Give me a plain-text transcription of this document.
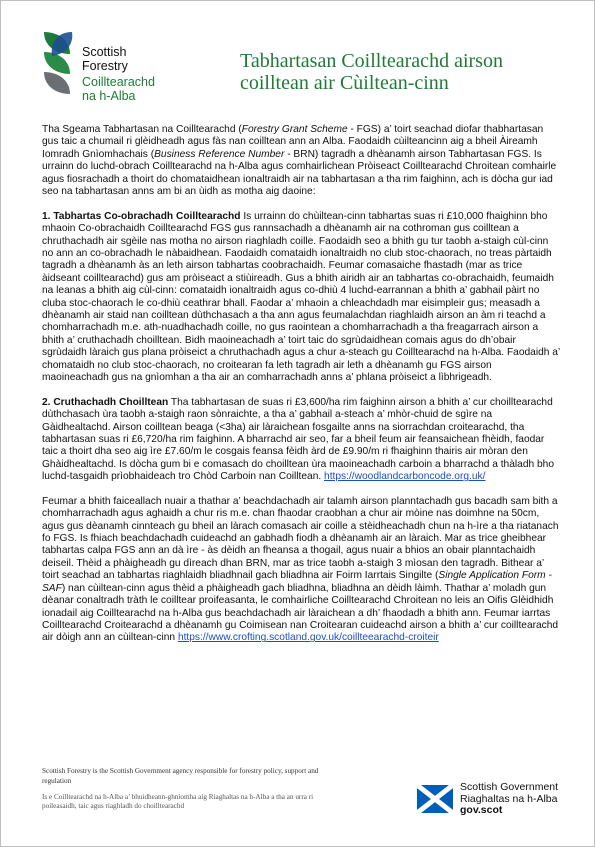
Scottish Forestry
Coilltearachd na h-Alba
Tabhartasan Coilltearachd airson coilltean air Cùiltean-cinn

Tha Sgeama Tabhartasan na Coilltearachd (Forestry Grant Scheme - FGS) a’ toirt seachad diofar thabhartasan gus taic a chumail ri glèidheadh agus fàs nan coilltean ann an Alba. Faodaidh cùilteancinn aig a bheil Àireamh Iomradh Gnìomhachais (Business Reference Number - BRN) tagradh a dhèanamh airson Tabhartasan FGS. Is urrainn do luchd-obrach Coilltearachd na h-Alba agus comhairlichean Pròiseact Coilltearachd Chroitean comhairle agus fiosrachadh a thoirt do chomataidhean ionaltraidh air na tabhartasan a tha rim faighinn, ach is dòcha gur iad seo na tabhartasan anns am bi an ùidh as motha aig daoine:

1. Tabhartas Co-obrachadh Coilltearachd Is urrainn do chùiltean-cinn tabhartas suas ri £10,000 fhaighinn bho mhaoin Co-obrachaidh Coilltearachd FGS gus rannsachadh a dhèanamh air na cothroman gus coilltean a chruthachadh air sgèile nas motha no airson riaghladh coille. Faodaidh seo a bhith gu tur taobh a-staigh cùl-cinn no ann an co-obrachadh le nàbaidhean. Faodaidh comataidh ionaltraidh no club stoc-chaorach, no treas pàrtaidh tagradh a dhèanamh às an leth airson tabhartas coobrachaidh. Feumar comasaiche fhastadh (mar as trice àidseant coilltearachd) gus am pròiseact a stiùireadh. Gus a bhith airidh air an tabhartas co-obrachaidh, feumaidh na leanas a bhith aig cùl-cinn: comataidh ionaltraidh agus co-dhiù 4 luchd-earrannan a bhith a’ gabhail pàirt no cluba stoc-chaorach le co-dhiù ceathrar bhall. Faodar a’ mhaoin a chleachdadh mar eisimpleir gus; measadh a dhèanamh air staid nan coilltean dùthchasach a tha ann agus feumalachdan riaghlaidh airson an àm ri teachd a chomharrachadh m.e. ath-nuadhachadh coille, no gus raointean a chomharrachadh a tha freagarrach airson a bhith a’ cruthachadh choilltean. Bidh maoineachadh a’ toirt taic do sgrùdaidhean comais agus do dh’obair sgrùdaidh làraich gus plana pròiseict a chruthachadh agus a chur a-steach gu Coilltearachd na h-Alba. Faodaidh a’ chomataidh no club stoc-chaorach, no croitearan fa leth tagradh air leth a dhèanamh gu FGS airson maoineachadh gus na gnìomhan a tha air an comharrachadh anns a’ phlana pròiseict a lìbhrigeadh.

2. Cruthachadh Choilltean Tha tabhartasan de suas ri £3,600/ha rim faighinn airson a bhith a’ cur choilltearachd dùthchasach ùra taobh a-staigh raon sònraichte, a tha a’ gabhail a-steach a’ mhòr-chuid de sgìre na Gàidhealtachd. Airson coilltean beaga (<3ha) air làraichean fosgailte anns na siorrachdan croitearachd, tha tabhartasan suas ri £6,720/ha rim faighinn. A bharrachd air seo, far a bheil feum air feansaichean fhèidh, faodar taic a thoirt dha seo aig ìre £7.60/m le cosgais feansa fèidh àrd de £9.90/m ri fhaighinn thairis air mòran den Ghàidhealtachd. Is dòcha gum bi e comasach do choilltean ùra maoineachadh carboin a bharrachd a thàladh bho luchd-tasgaidh prìobhaideach tro Chòd Carboin nan Coilltean. https://woodlandcarboncode.org.uk/

Feumar a bhith faiceallach nuair a thathar a’ beachdachadh air talamh airson planntachadh gus bacadh sam bith a chomharrachadh agus aghaidh a chur ris m.e. chan fhaodar craobhan a chur air mòine nas doimhne na 50cm, agus gus dèanamh cinnteach gu bheil an làrach comasach air coille a stèidheachadh chun na h-ìre a tha riatanach fo FGS. Is fhiach beachdachadh cuideachd an gabhadh fiodh a dhèanamh air an làraich. Mar as trice gheibhear tabhartas calpa FGS ann an dà ìre - às dèidh an fheansa a thogail, agus nuair a bhios an obair planntachaidh deiseil. Thèid a phàigheadh gu dìreach dhan BRN, mar as trice taobh a-staigh 3 mìosan den tagradh. Bithear a’ toirt seachad an tabhartas riaghlaidh bliadhnail gach bliadhna air Foirm Iarrtais Singilte (Single Application Form - SAF) nan cùiltean-cinn agus thèid a phàigheadh gach bliadhna, bliadhna an dèidh làimh. Thathar a’ moladh gun dèanar conaltradh tràth le coilltear proifeasanta, le comhairliche Coilltearachd Chroitean no leis an Oifis Glèidhidh ionadail aig Coilltearachd na h-Alba gus beachdachadh air làraichean a dh’ fhaodadh a bhith ann. Feumar iarrtas Coilltearachd Croitearachd a dhèanamh gu Coimisean nan Croitearan cuideachd airson a bhith a’ cur coilltearachd air dòigh ann an cùiltean-cinn https://www.crofting.scotland.gov.uk/coillteearachd-croiteir

Scottish Forestry is the Scottish Government agency responsible for forestry policy, support and regulation
Is e Coilltearachd na h-Alba a’ bhuidheann-ghnìomha aig Riaghaltas na h-Alba a tha an urra ri poileasaidh, taic agus riaghladh do choilltearachd
Scottish Government
Riaghaltas na h-Alba
gov.scot
